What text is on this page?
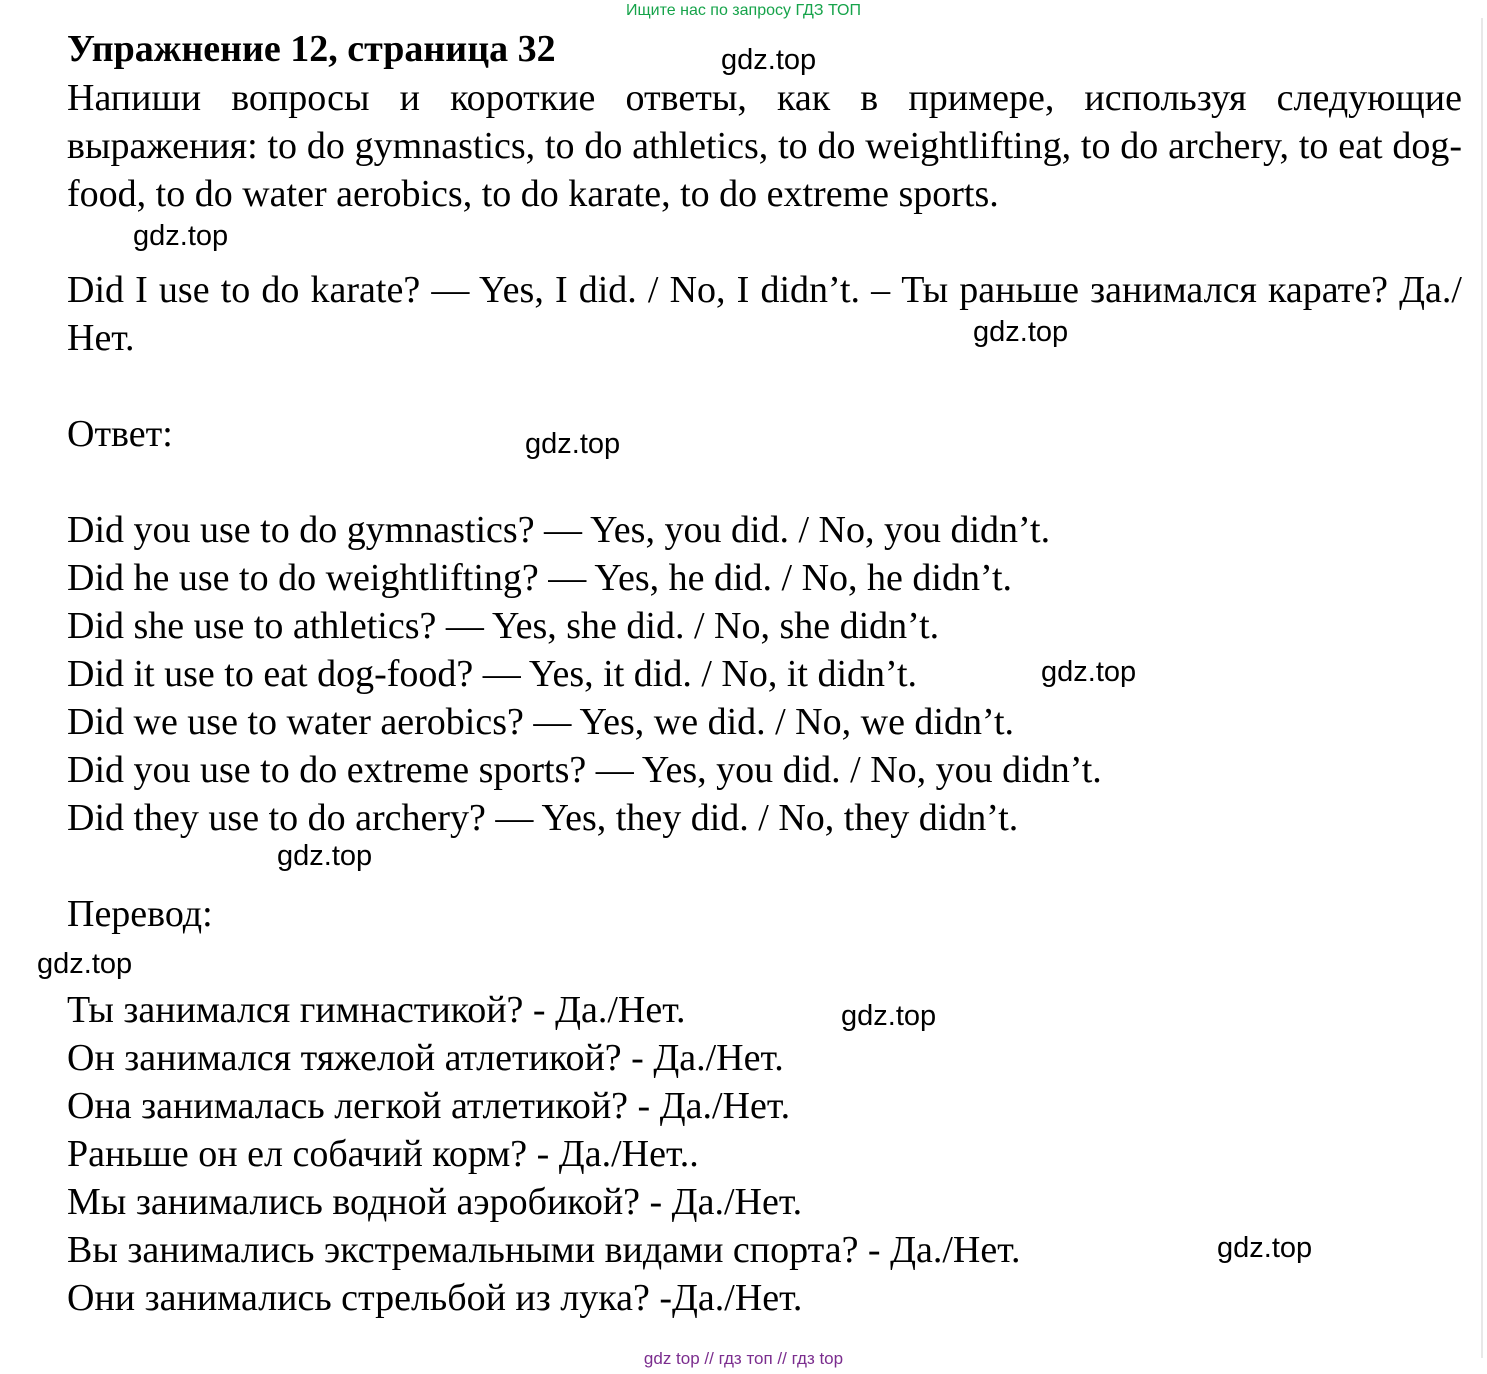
Ищите нас по запросу ГДЗ ТОП
Упражнение 12, страница 32
Напиши вопросы и короткие ответы, как в примере, используя следующие выражения: to do gymnastics, to do athletics, to do weightlifting, to do archery, to eat dog-food, to do water aerobics, to do karate, to do extreme sports.
Did I use to do karate? — Yes, I did. / No, I didn’t. – Ты раньше занимался карате? Да./Нет.
Ответ:
Did you use to do gymnastics? — Yes, you did. / No, you didn’t.
Did he use to do weightlifting? — Yes, he did. / No, he didn’t.
Did she use to athletics? — Yes, she did. / No, she didn’t.
Did it use to eat dog-food? — Yes, it did. / No, it didn’t.
Did we use to water aerobics? — Yes, we did. / No, we didn’t.
Did you use to do extreme sports? — Yes, you did. / No, you didn’t.
Did they use to do archery? — Yes, they did. / No, they didn’t.
Перевод:
Ты занимался гимнастикой? - Да./Нет.
Он занимался тяжелой атлетикой? - Да./Нет.
Она занималась легкой атлетикой? - Да./Нет.
Раньше он ел собачий корм? - Да./Нет..
Мы занимались водной аэробикой? - Да./Нет.
Вы занимались экстремальными видами спорта? - Да./Нет.
Они занимались стрельбой из лука? -Да./Нет.
gdz.top
gdz.top
gdz.top
gdz.top
gdz.top
gdz.top
gdz.top
gdz.top
gdz.top
gdz top // гдз топ // гдз top
